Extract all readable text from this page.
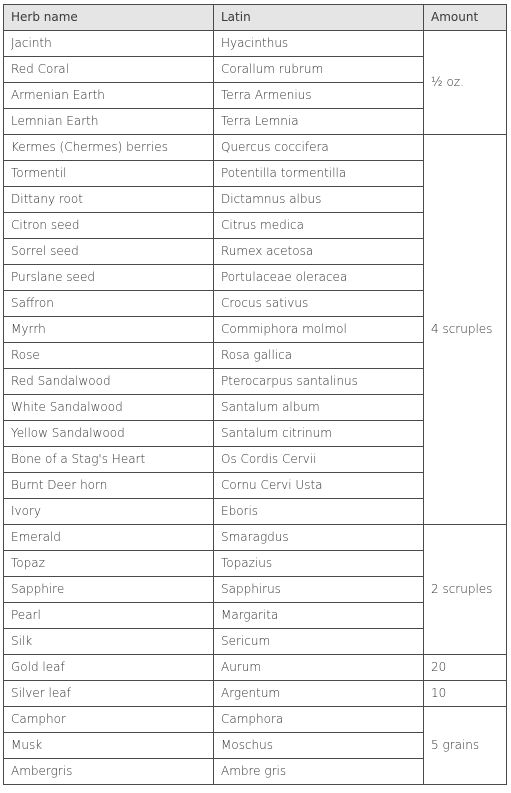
Herb name	Latin	Amount
Jacinth	Hyacinthus	½ oz.
Red Coral	Corallum rubrum	
Armenian Earth	Terra Armenius	
Lemnian Earth	Terra Lemnia	
Kermes (Chermes) berries	Quercus coccifera	4 scruples
Tormentil	Potentilla tormentilla	
Dittany root	Dictamnus albus	
Citron seed	Citrus medica	
Sorrel seed	Rumex acetosa	
Purslane seed	Portulaceae oleracea	
Saffron	Crocus sativus	
Myrrh	Commiphora molmol	
Rose	Rosa gallica	
Red Sandalwood	Pterocarpus santalinus	
White Sandalwood	Santalum album	
Yellow Sandalwood	Santalum citrinum	
Bone of a Stag's Heart	Os Cordis Cervii	
Burnt Deer horn	Cornu Cervi Usta	
Ivory	Eboris	
Emerald	Smaragdus	2 scruples
Topaz	Topazius	
Sapphire	Sapphirus	
Pearl	Margarita	
Silk	Sericum	
Gold leaf	Aurum	20
Silver leaf	Argentum	10
Camphor	Camphora	5 grains
Musk	Moschus	
Ambergris	Ambre gris	
